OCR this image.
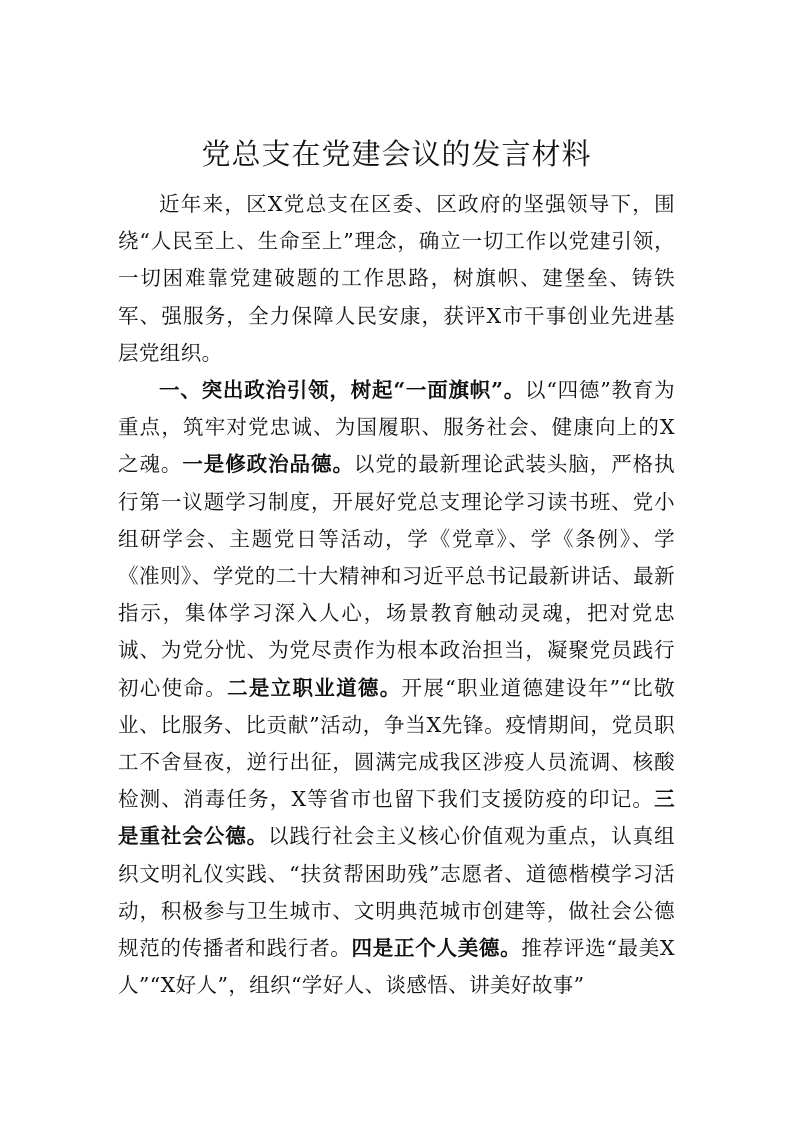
党总支在党建会议的发言材料

近年来，区X党总支在区委、区政府的坚强领导下，围绕“人民至上、生命至上”理念，确立一切工作以党建引领，一切困难靠党建破题的工作思路，树旗帜、建堡垒、铸铁军、强服务，全力保障人民安康，获评X市干事创业先进基层党组织。

一、突出政治引领，树起“一面旗帜”。以“四德”教育为重点，筑牢对党忠诚、为国履职、服务社会、健康向上的X之魂。一是修政治品德。以党的最新理论武装头脑，严格执行第一议题学习制度，开展好党总支理论学习读书班、党小组研学会、主题党日等活动，学《党章》、学《条例》、学《准则》、学党的二十大精神和习近平总书记最新讲话、最新指示，集体学习深入人心，场景教育触动灵魂，把对党忠诚、为党分忧、为党尽责作为根本政治担当，凝聚党员践行初心使命。二是立职业道德。开展“职业道德建设年”“比敬业、比服务、比贡献”活动，争当X先锋。疫情期间，党员职工不舍昼夜，逆行出征，圆满完成我区涉疫人员流调、核酸检测、消毒任务，X等省市也留下我们支援防疫的印记。三是重社会公德。以践行社会主义核心价值观为重点，认真组织文明礼仪实践、“扶贫帮困助残”志愿者、道德楷模学习活动，积极参与卫生城市、文明典范城市创建等，做社会公德规范的传播者和践行者。四是正个人美德。推荐评选“最美X人”“X好人”，组织“学好人、谈感悟、讲美好故事”
